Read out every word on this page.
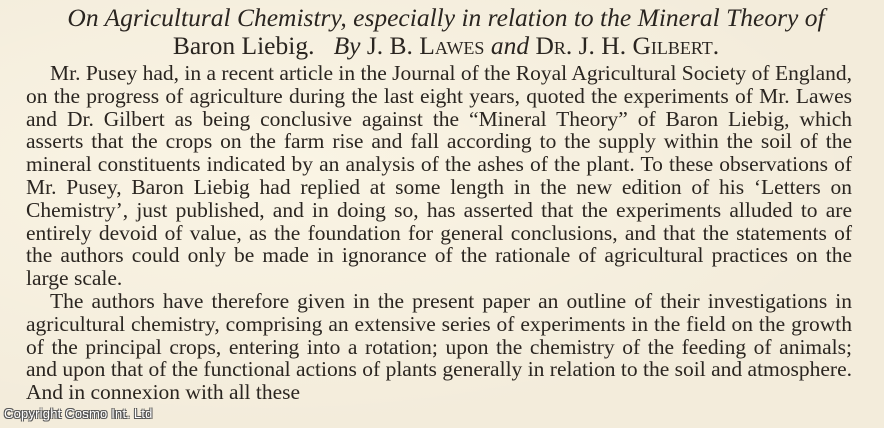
On Agricultural Chemistry, especially in relation to the Mineral Theory of
Baron Liebig. By J. B. Lawes and Dr. J. H. Gilbert.

Mr. Pusey had, in a recent article in the Journal of the Royal Agricultural Society of England, on the progress of agriculture during the last eight years, quoted the experiments of Mr. Lawes and Dr. Gilbert as being conclusive against the “Mineral Theory” of Baron Liebig, which asserts that the crops on the farm rise and fall according to the supply within the soil of the mineral constituents indicated by an analysis of the ashes of the plant. To these observations of Mr. Pusey, Baron Liebig had replied at some length in the new edition of his ‘Letters on Chemistry’, just published, and in doing so, has asserted that the experiments alluded to are entirely devoid of value, as the foundation for general conclusions, and that the statements of the authors could only be made in ignorance of the rationale of agricultural practices on the large scale.

The authors have therefore given in the present paper an outline of their investigations in agricultural chemistry, comprising an extensive series of experiments in the field on the growth of the principal crops, entering into a rotation; upon the chemistry of the feeding of animals; and upon that of the functional actions of plants generally in relation to the soil and atmosphere. And in connexion with all these

Copyright Cosmo Int. Ltd
